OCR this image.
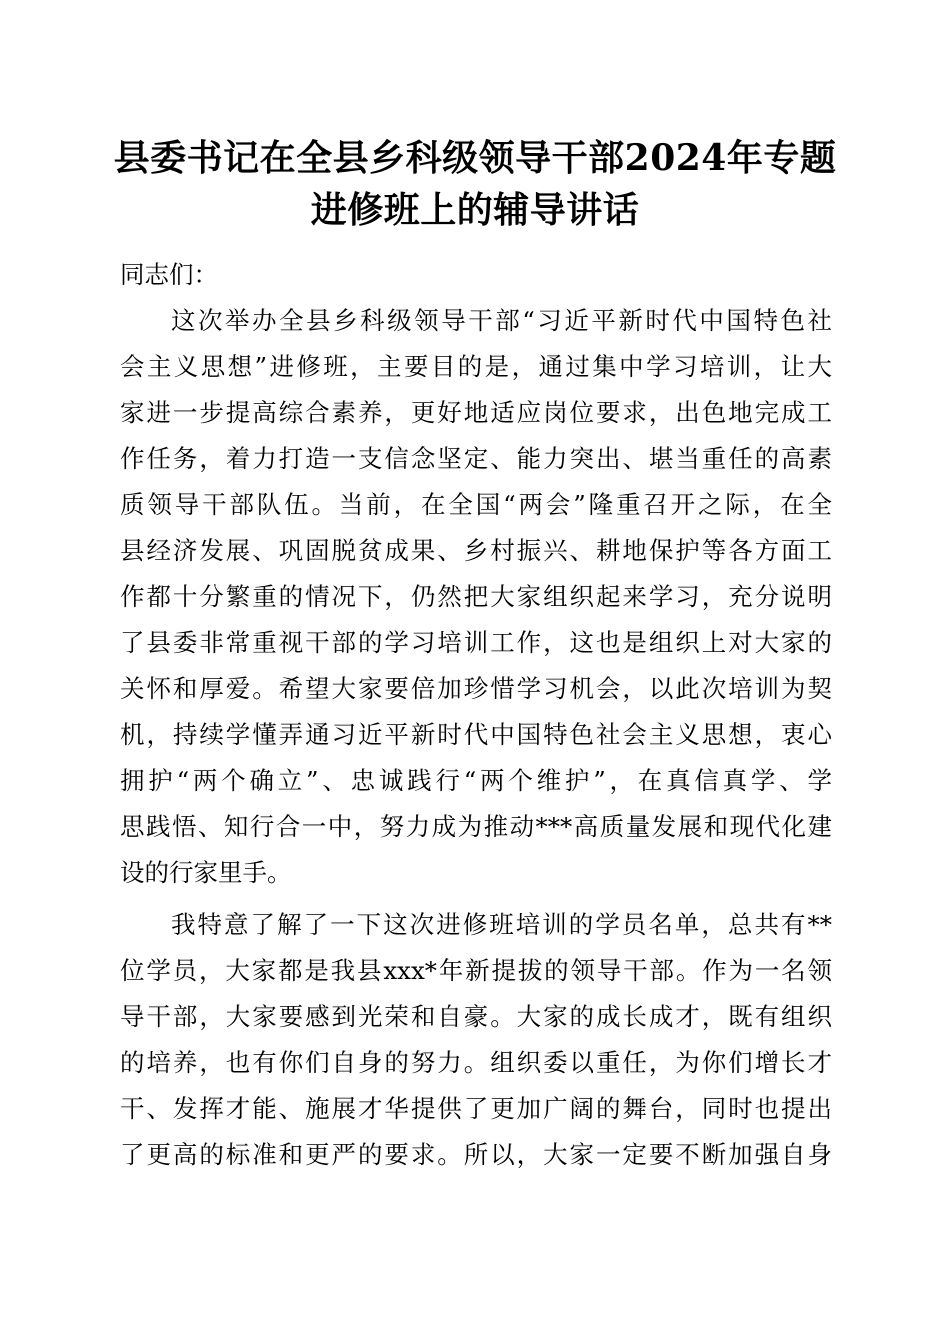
县委书记在全县乡科级领导干部2024年专题
进修班上的辅导讲话
同志们：
这次举办全县乡科级领导干部“习近平新时代中国特色社
会主义思想”进修班，主要目的是，通过集中学习培训，让大
家进一步提高综合素养，更好地适应岗位要求，出色地完成工
作任务，着力打造一支信念坚定、能力突出、堪当重任的高素
质领导干部队伍。当前，在全国“两会”隆重召开之际，在全
县经济发展、巩固脱贫成果、乡村振兴、耕地保护等各方面工
作都十分繁重的情况下，仍然把大家组织起来学习，充分说明
了县委非常重视干部的学习培训工作，这也是组织上对大家的
关怀和厚爱。希望大家要倍加珍惜学习机会，以此次培训为契
机，持续学懂弄通习近平新时代中国特色社会主义思想，衷心
拥护“两个确立”、忠诚践行“两个维护”，在真信真学、学
思践悟、知行合一中，努力成为推动***高质量发展和现代化建
设的行家里手。
我特意了解了一下这次进修班培训的学员名单，总共有**
位学员，大家都是我县xxx*年新提拔的领导干部。作为一名领
导干部，大家要感到光荣和自豪。大家的成长成才，既有组织
的培养，也有你们自身的努力。组织委以重任，为你们增长才
干、发挥才能、施展才华提供了更加广阔的舞台，同时也提出
了更高的标准和更严的要求。所以，大家一定要不断加强自身
